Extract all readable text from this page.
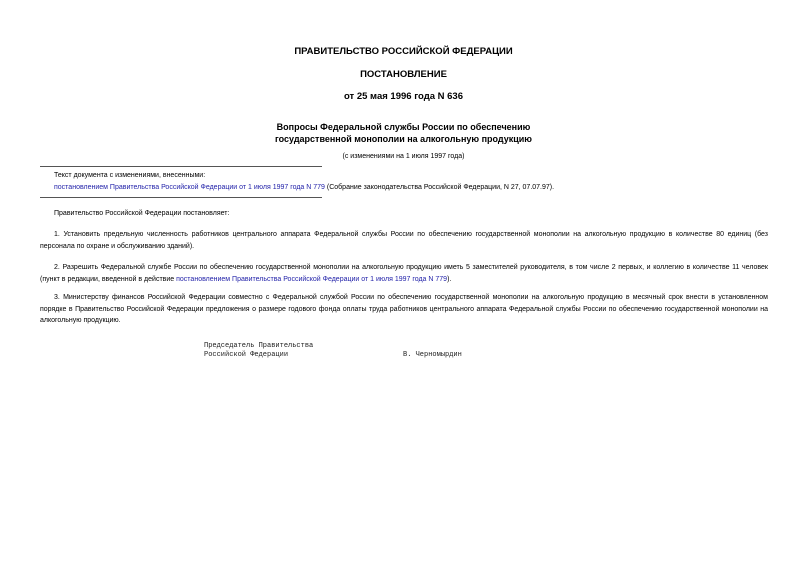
ПРАВИТЕЛЬСТВО РОССИЙСКОЙ ФЕДЕРАЦИИ
ПОСТАНОВЛЕНИЕ
от 25 мая 1996 года N 636
Вопросы Федеральной службы России по обеспечению
государственной монополии на алкогольную продукцию
(с изменениями на 1 июля 1997 года)
Текст документа с изменениями, внесенными:
постановлением Правительства Российской Федерации от 1 июля 1997 года N 779 (Собрание законодательства Российской Федерации, N 27, 07.07.97).
Правительство Российской Федерации постановляет:
1. Установить предельную численность работников центрального аппарата Федеральной службы России по обеспечению государственной монополии на алкогольную продукцию в количестве 80 единиц (без персонала по охране и обслуживанию зданий).
2. Разрешить Федеральной службе России по обеспечению государственной монополии на алкогольную продукцию иметь 5 заместителей руководителя, в том числе 2 первых, и коллегию в количестве 11 человек (пункт в редакции, введенной в действие постановлением Правительства Российской Федерации от 1 июля 1997 года N 779).
3. Министерству финансов Российской Федерации совместно с Федеральной службой России по обеспечению государственной монополии на алкогольную продукцию в месячный срок внести в установленном порядке в Правительство Российской Федерации предложения о размере годового фонда оплаты труда работников центрального аппарата Федеральной службы России по обеспечению государственной монополии на алкогольную продукцию.
Председатель Правительства
Российской Федерации	В. Черномырдин
